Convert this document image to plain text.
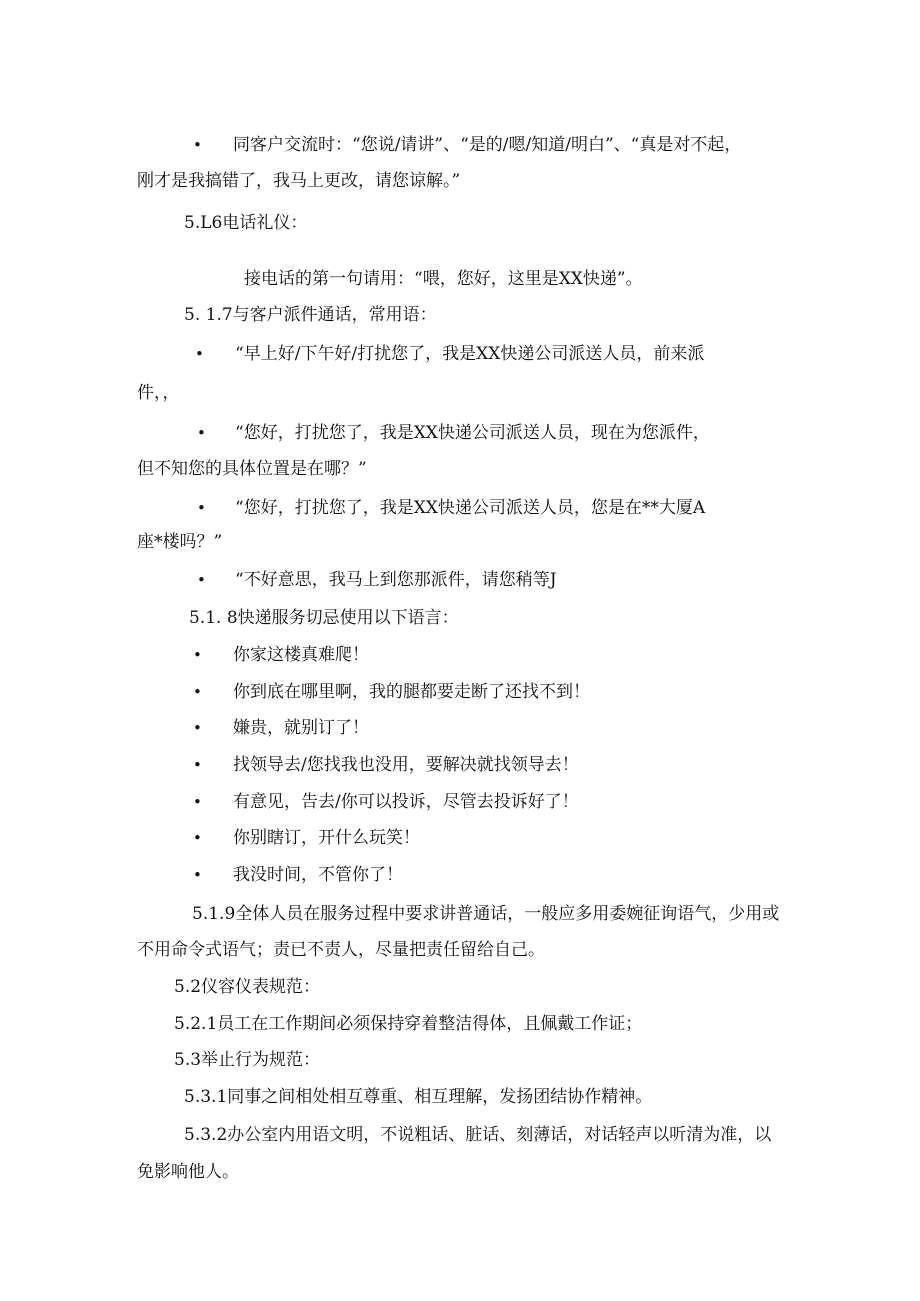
•
•
•
•
•
•
•
•
•
•
•
•
同客户交流时：“您说/请讲”、“是的/嗯/知道/明白”、“真是对不起，
刚才是我搞错了，我马上更改，请您谅解。”
5.L6电话礼仪：
接电话的第一句请用：“喂，您好，这里是XX快递”。
5. 1.7与客户派件通话，常用语：
“早上好/下午好/打扰您了，我是XX快递公司派送人员，前来派
件，，
“您好，打扰您了，我是XX快递公司派送人员，现在为您派件，
但不知您的具体位置是在哪？”
“您好，打扰您了，我是XX快递公司派送人员，您是在**大厦A
座*楼吗？”
“不好意思，我马上到您那派件，请您稍等J
5.1. 8快递服务切忌使用以下语言：
你家这楼真难爬！
你到底在哪里啊，我的腿都要走断了还找不到！
嫌贵，就别订了！
找领导去/您找我也没用，要解决就找领导去！
有意见，告去/你可以投诉，尽管去投诉好了！
你别瞎订，开什么玩笑！
我没时间，不管你了！
5.1.9全体人员在服务过程中要求讲普通话，一般应多用委婉征询语气，少用或
不用命令式语气；责已不责人，尽量把责任留给自己。
5.2仪容仪表规范：
5.2.1员工在工作期间必须保持穿着整洁得体，且佩戴工作证；
5.3举止行为规范：
5.3.1同事之间相处相互尊重、相互理解，发扬团结协作精神。
5.3.2办公室内用语文明，不说粗话、脏话、刻薄话，对话轻声以听清为准，以
免影响他人。
